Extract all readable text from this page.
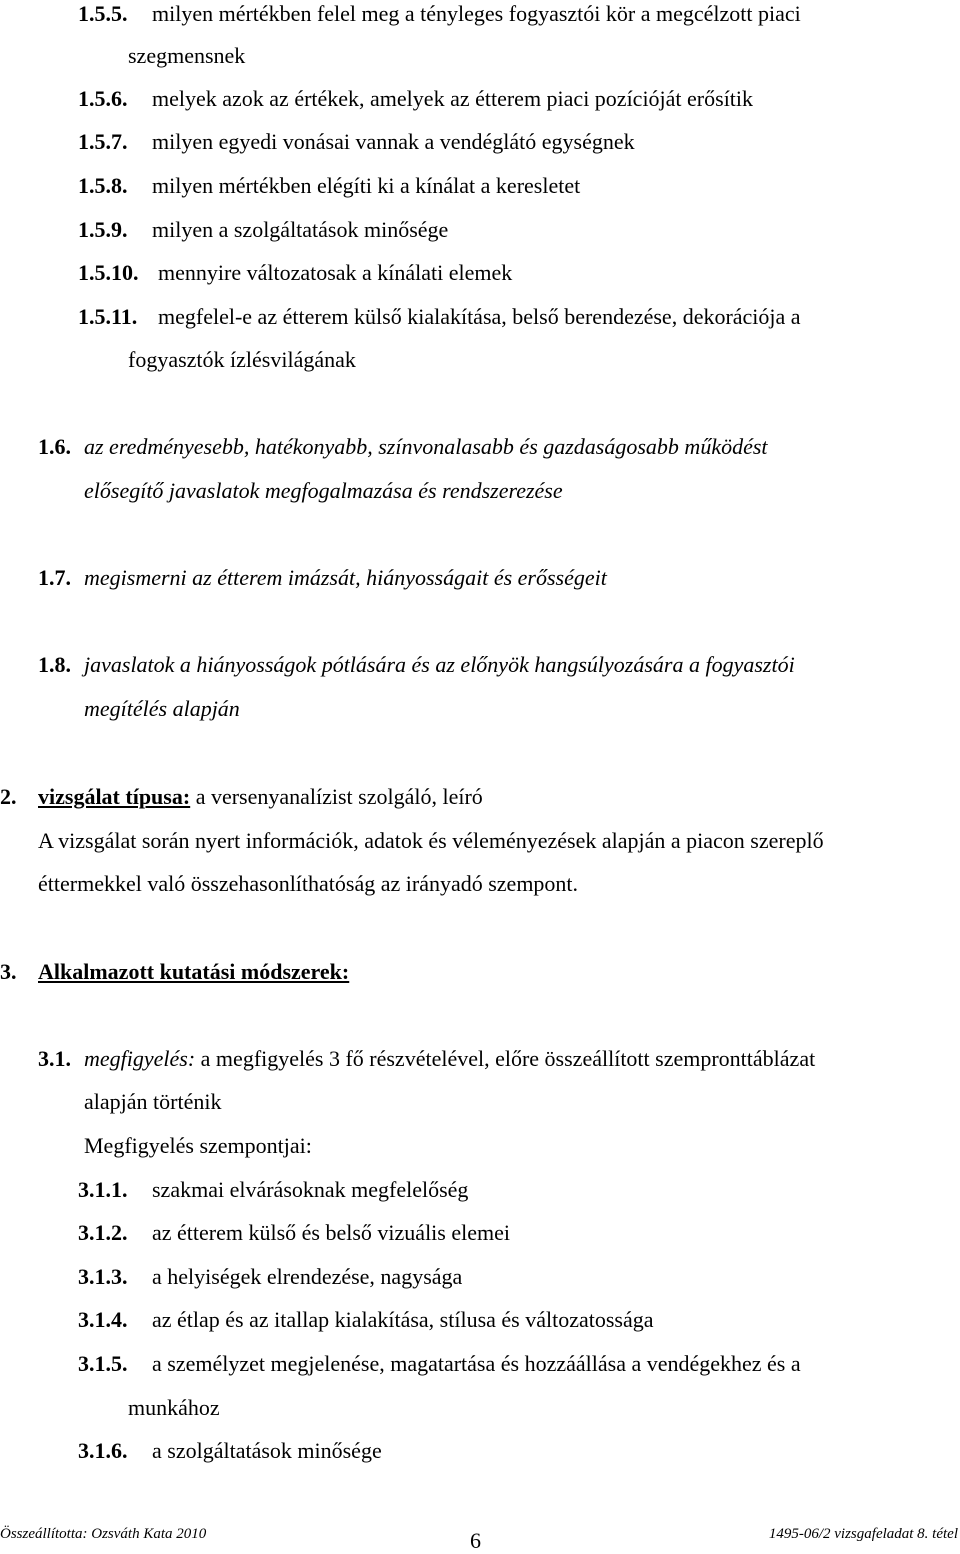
1.5.5. milyen mértékben felel meg a tényleges fogyasztói kör a megcélzott piaci
szegmensnek
1.5.6. melyek azok az értékek, amelyek az étterem piaci pozícióját erősítik
1.5.7. milyen egyedi vonásai vannak a vendéglátó egységnek
1.5.8. milyen mértékben elégíti ki a kínálat a keresletet
1.5.9. milyen a szolgáltatások minősége
1.5.10. mennyire változatosak a kínálati elemek
1.5.11. megfelel-e az étterem külső kialakítása, belső berendezése, dekorációja a
fogyasztók ízlésvilágának
1.6. az eredményesebb, hatékonyabb, színvonalasabb és gazdaságosabb működést
elősegítő javaslatok megfogalmazása és rendszerezése
1.7. megismerni az étterem imázsát, hiányosságait és erősségeit
1.8. javaslatok a hiányosságok pótlására és az előnyök hangsúlyozására a fogyasztói
megítélés alapján
2. vizsgálat típusa: a versenyanalízist szolgáló, leíró
A vizsgálat során nyert információk, adatok és véleményezések alapján a piacon szereplő
éttermekkel való összehasonlíthatóság az irányadó szempont.
3. Alkalmazott kutatási módszerek:
3.1. megfigyelés: a megfigyelés 3 fő részvételével, előre összeállított szempronttáblázat
alapján történik
Megfigyelés szempontjai:
3.1.1. szakmai elvárásoknak megfelelőség
3.1.2. az étterem külső és belső vizuális elemei
3.1.3. a helyiségek elrendezése, nagysága
3.1.4. az étlap és az itallap kialakítása, stílusa és változatossága
3.1.5. a személyzet megjelenése, magatartása és hozzáállása a vendégekhez és a
munkához
3.1.6. a szolgáltatások minősége
Összeállította: Ozsváth Kata 2010	6	1495-06/2 vizsgafeladat 8. tétel
